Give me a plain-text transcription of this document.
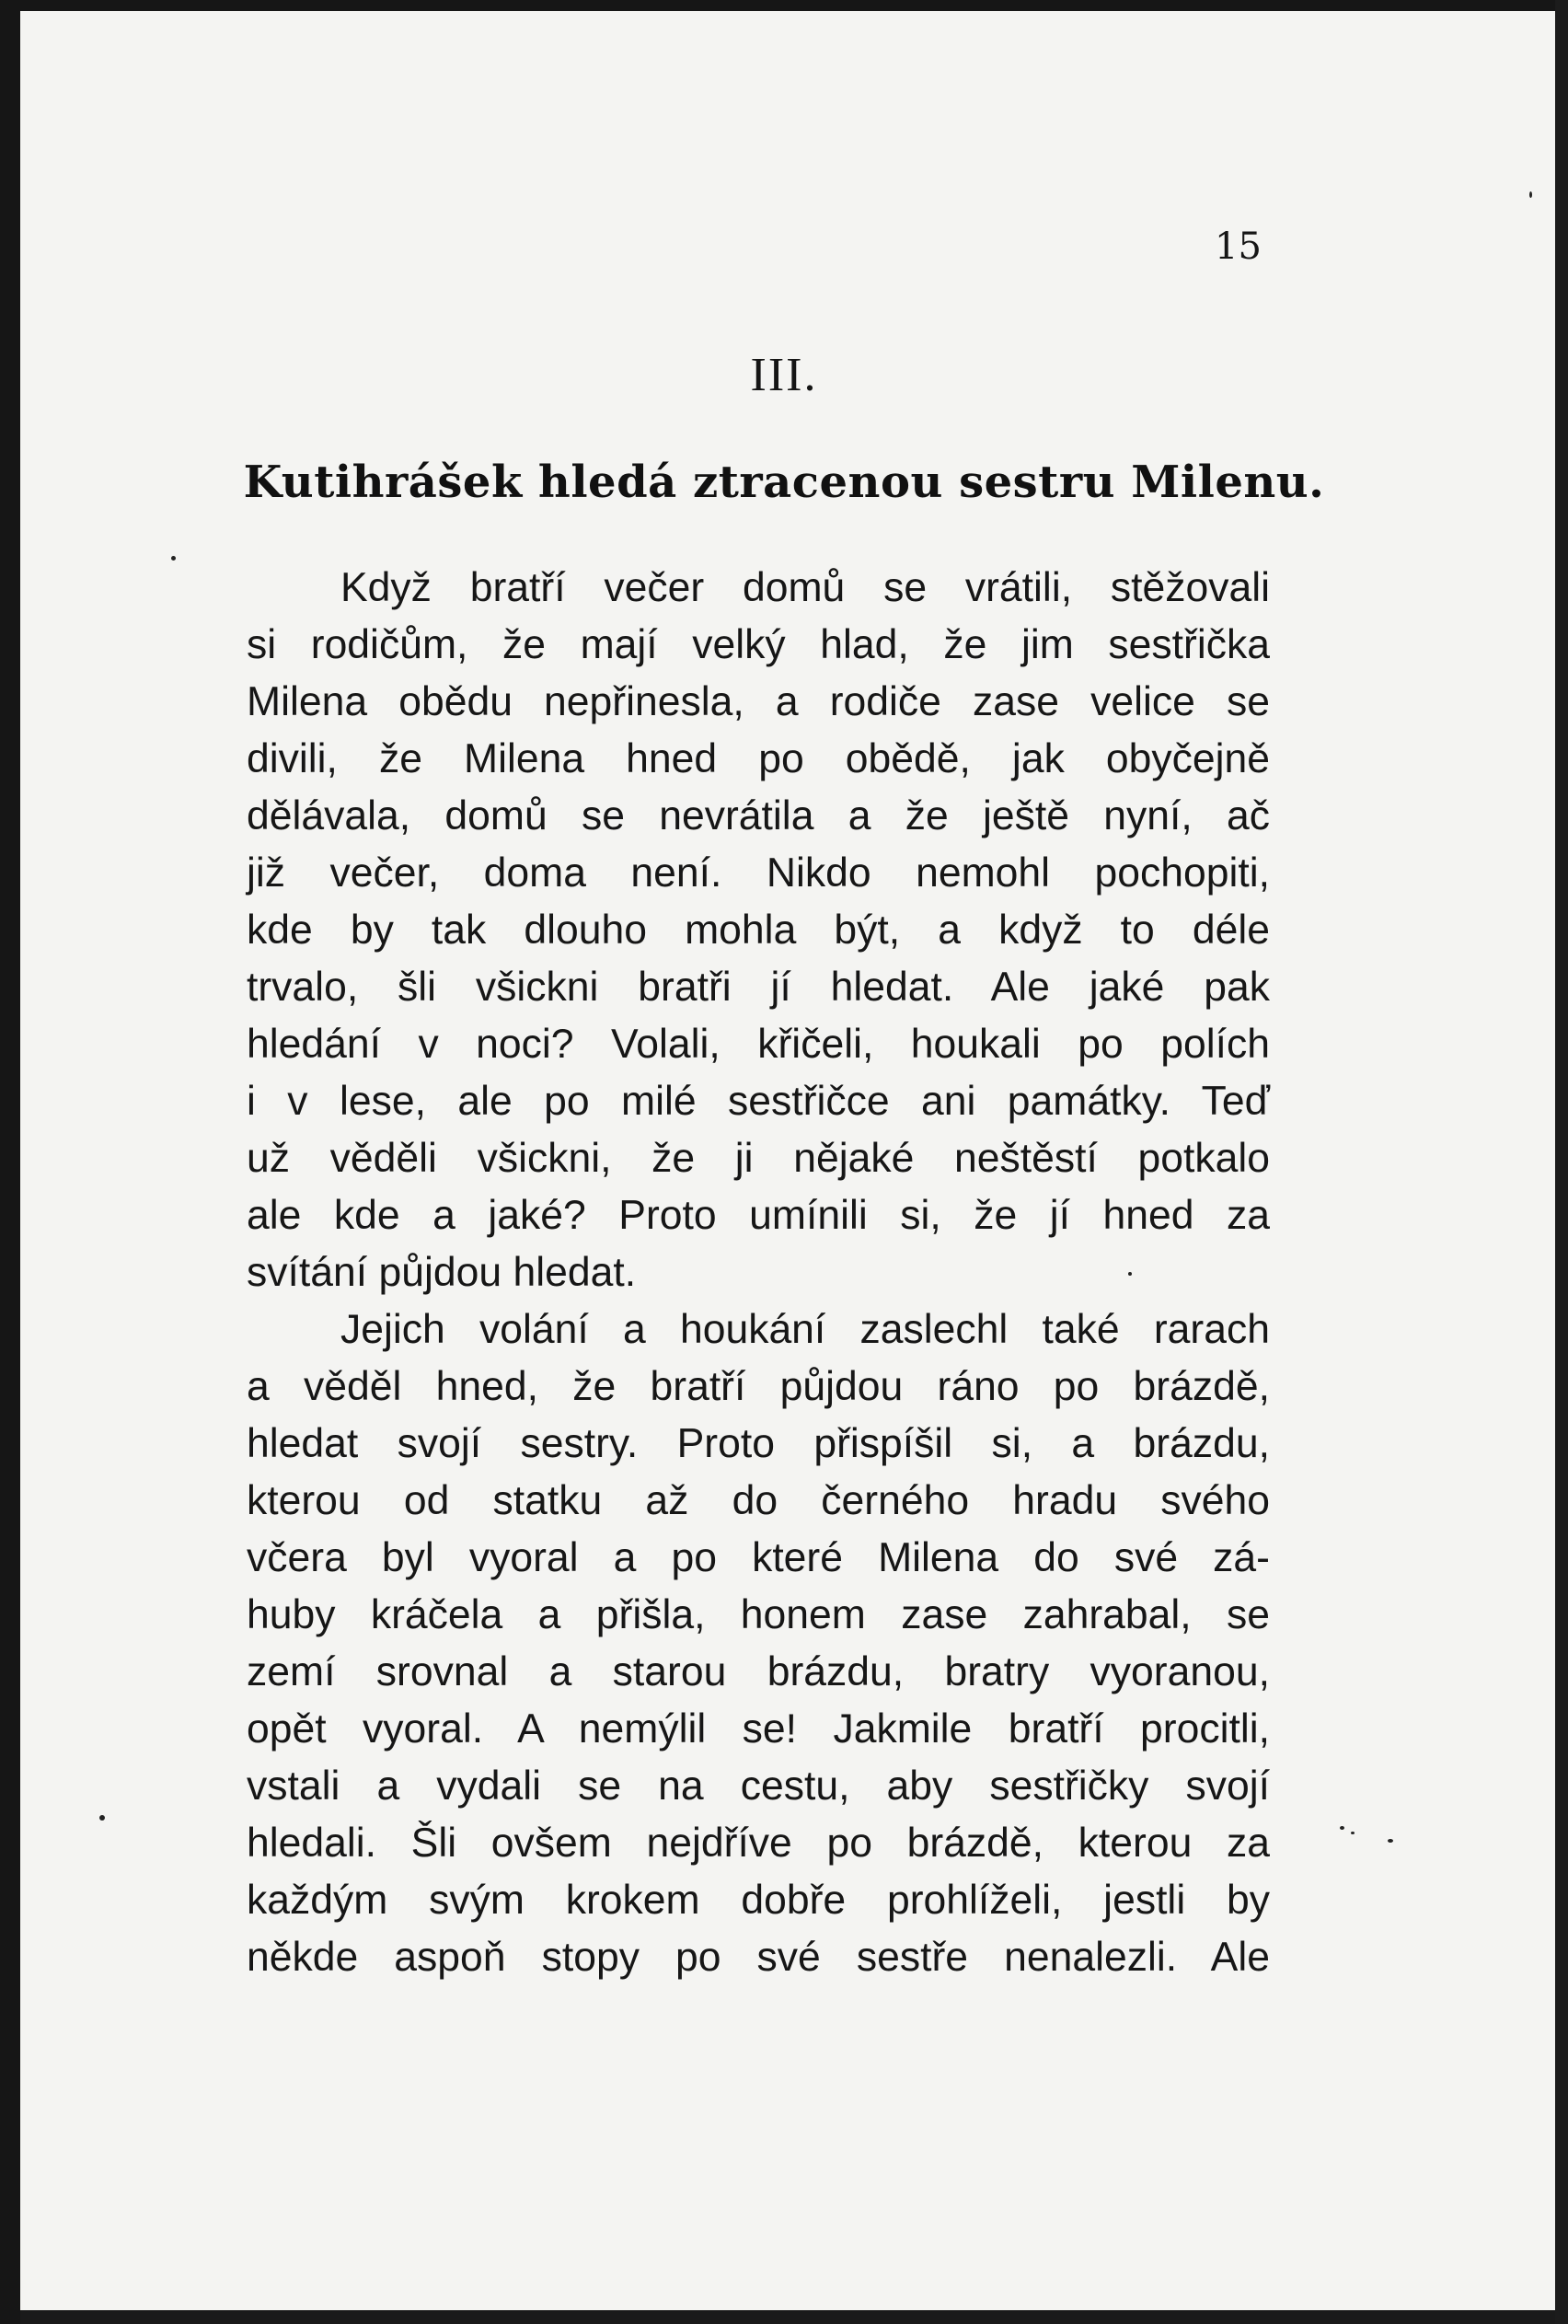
15
III.
Kutihrášek hledá ztracenou sestru Milenu.
Když bratří večer domů se vrátili, stěžovali
si rodičům, že mají velký hlad, že jim sestřička
Milena obědu nepřinesla, a rodiče zase velice se
divili, že Milena hned po obědě, jak obyčejně
dělávala, domů se nevrátila a že ještě nyní, ač
již večer, doma není. Nikdo nemohl pochopiti,
kde by tak dlouho mohla být, a když to déle
trvalo, šli všickni bratři jí hledat. Ale jaké pak
hledání v noci? Volali, křičeli, houkali po polích
i v lese, ale po milé sestřičce ani památky. Teď
už věděli všickni, že ji nějaké neštěstí potkalo
ale kde a jaké? Proto umínili si, že jí hned za
svítání půjdou hledat.
Jejich volání a houkání zaslechl také rarach
a věděl hned, že bratří půjdou ráno po brázdě,
hledat svojí sestry. Proto přispíšil si, a brázdu,
kterou od statku až do černého hradu svého
včera byl vyoral a po které Milena do své zá-
huby kráčela a přišla, honem zase zahrabal, se
zemí srovnal a starou brázdu, bratry vyoranou,
opět vyoral. A nemýlil se! Jakmile bratří procitli,
vstali a vydali se na cestu, aby sestřičky svojí
hledali. Šli ovšem nejdříve po brázdě, kterou za
každým svým krokem dobře prohlíželi, jestli by
někde aspoň stopy po své sestře nenalezli. Ale
